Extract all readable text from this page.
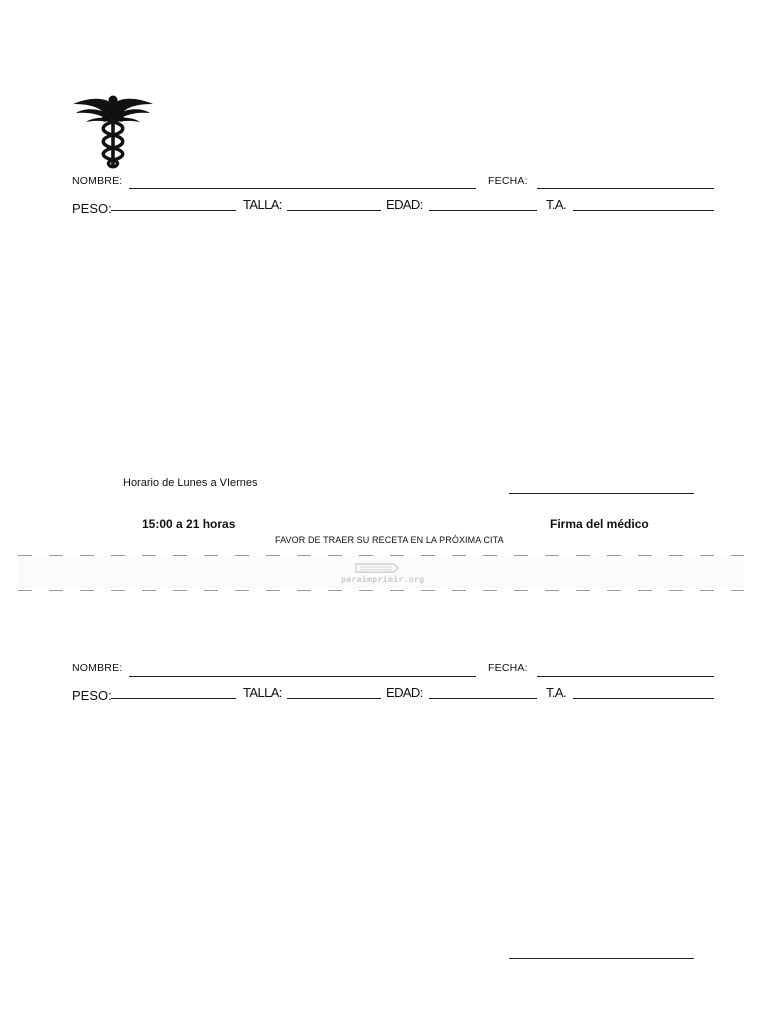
NOMBRE:	FECHA:
PESO:	TALLA:	EDAD:	T.A.
Horario de Lunes a VIernes
15:00 a 21 horas	Firma del médico
FAVOR DE TRAER SU RECETA EN LA PRÓXIMA CITA
paraimprimir.org
NOMBRE:	FECHA:
PESO:	TALLA:	EDAD:	T.A.
